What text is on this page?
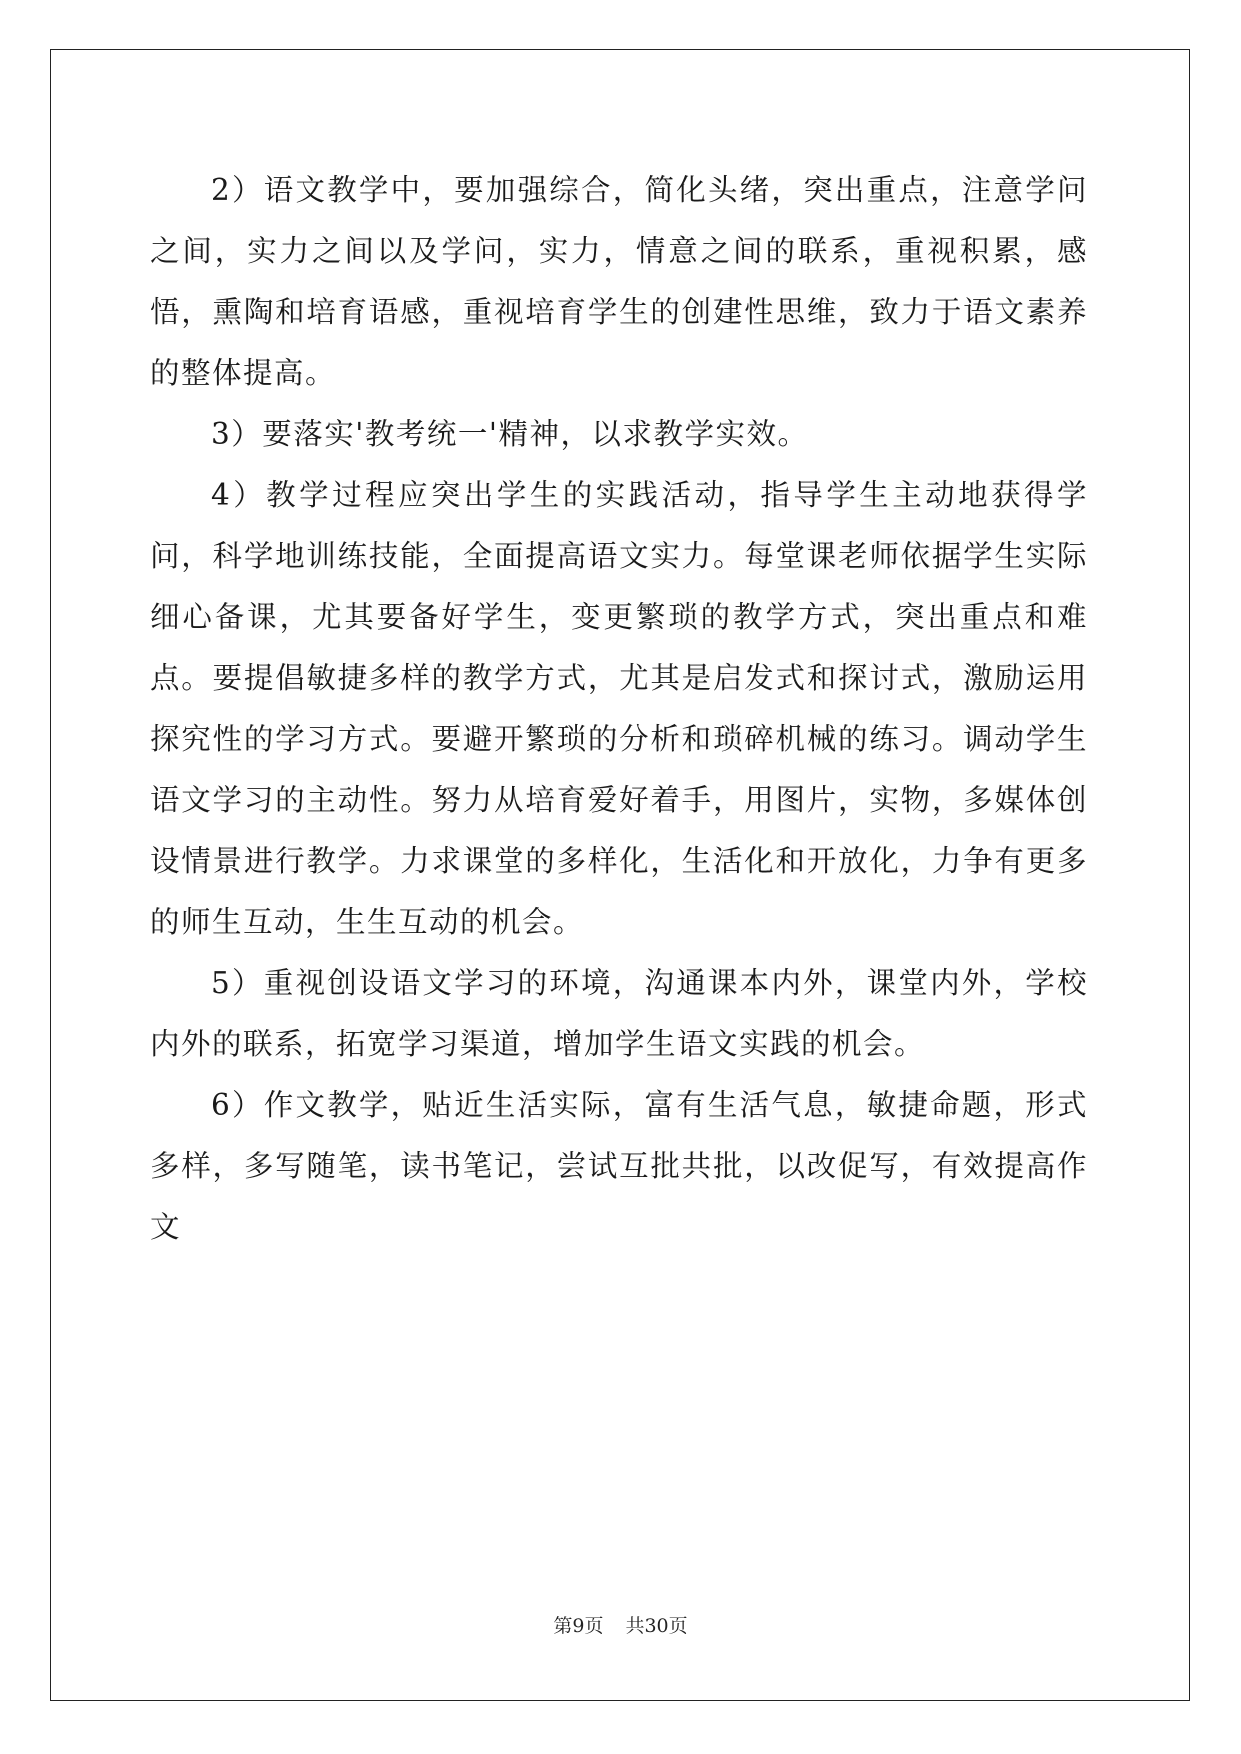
2）语文教学中，要加强综合，简化头绪，突出重点，注意学问之间，实力之间以及学问，实力，情意之间的联系，重视积累，感悟，熏陶和培育语感，重视培育学生的创建性思维，致力于语文素养的整体提高。

3）要落实'教考统一'精神，以求教学实效。

4）教学过程应突出学生的实践活动，指导学生主动地获得学问，科学地训练技能，全面提高语文实力。每堂课老师依据学生实际细心备课，尤其要备好学生，变更繁琐的教学方式，突出重点和难点。要提倡敏捷多样的教学方式，尤其是启发式和探讨式，激励运用探究性的学习方式。要避开繁琐的分析和琐碎机械的练习。调动学生语文学习的主动性。努力从培育爱好着手，用图片，实物，多媒体创设情景进行教学。力求课堂的多样化，生活化和开放化，力争有更多的师生互动，生生互动的机会。

5）重视创设语文学习的环境，沟通课本内外，课堂内外，学校内外的联系，拓宽学习渠道，增加学生语文实践的机会。

6）作文教学，贴近生活实际，富有生活气息，敏捷命题，形式多样，多写随笔，读书笔记，尝试互批共批，以改促写，有效提高作文

第9页 共30页
